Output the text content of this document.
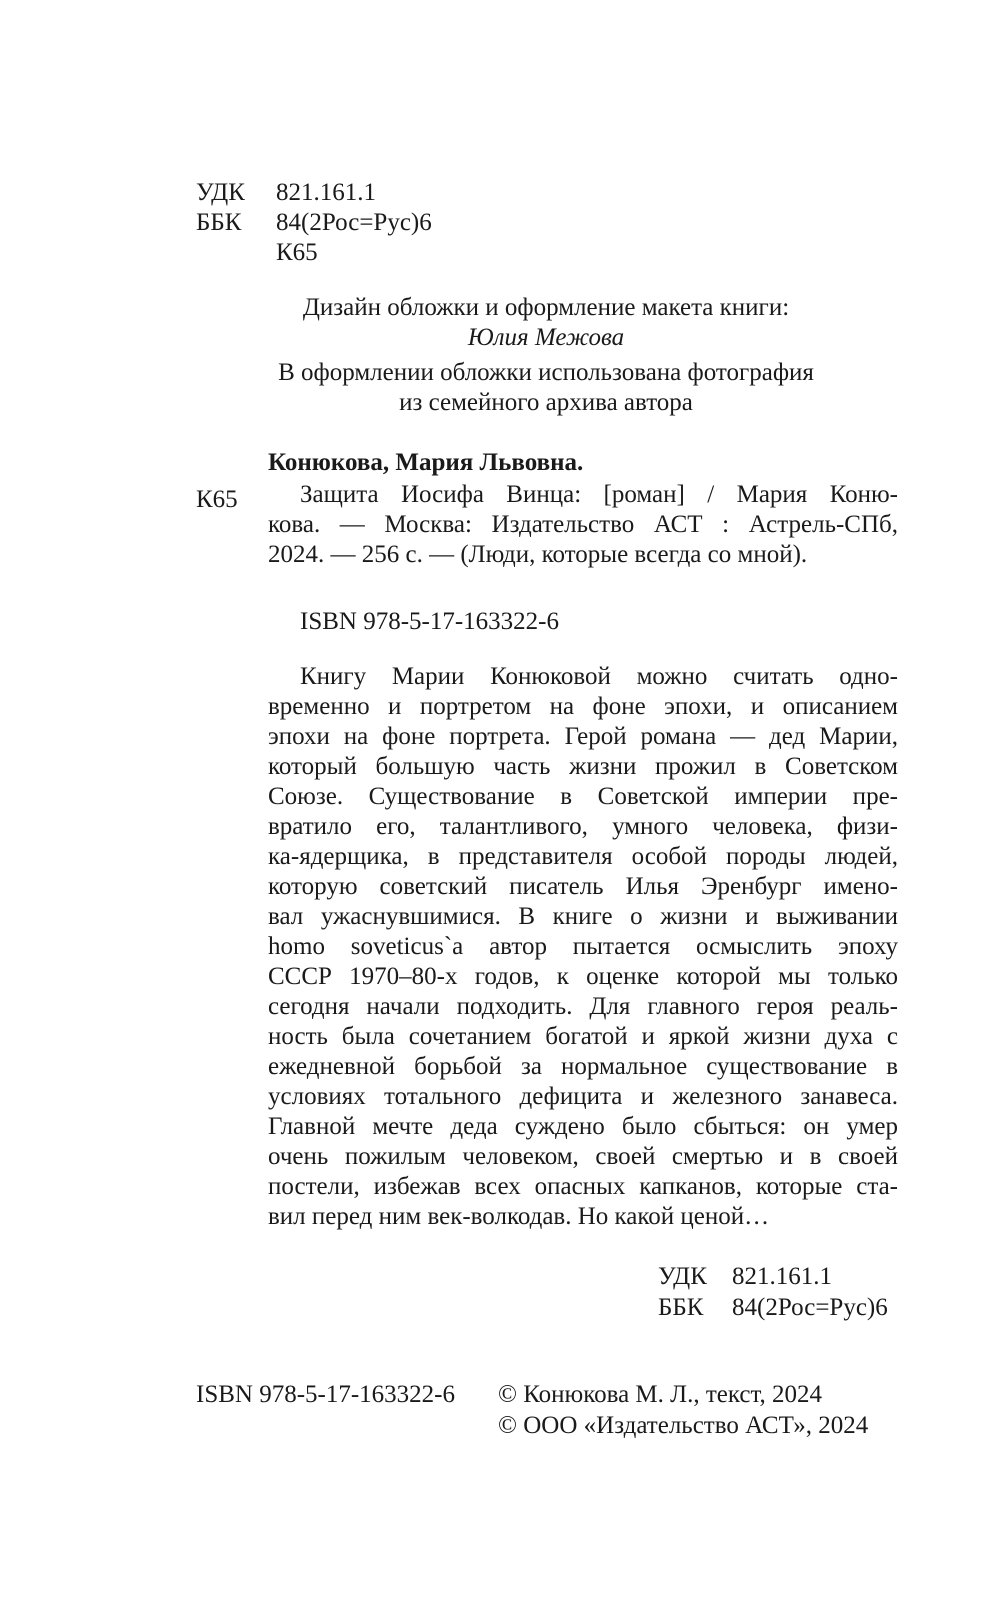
УДК 821.161.1
ББК 84(2Рос=Рус)6
К65
Дизайн обложки и оформление макета книги:
Юлия Межова
В оформлении обложки использована фотография
из семейного архива автора
Конюкова, Мария Львовна.
К65	Защита Иосифа Винца: [роман] / Мария Коню-
кова. — Москва: Издательство АСТ : Астрель-СПб,
2024. — 256 с. — (Люди, которые всегда со мной).
ISBN 978-5-17-163322-6
Книгу Марии Конюковой можно считать одно-
временно и портретом на фоне эпохи, и описанием
эпохи на фоне портрета. Герой романа — дед Марии,
который большую часть жизни прожил в Советском
Союзе. Существование в Советской империи пре-
вратило его, талантливого, умного человека, физи-
ка-ядерщика, в представителя особой породы людей,
которую советский писатель Илья Эренбург имено-
вал ужаснувшимися. В книге о жизни и выживании
homo soveticus`a автор пытается осмыслить эпоху
СССР 1970–80-х годов, к оценке которой мы только
сегодня начали подходить. Для главного героя реаль-
ность была сочетанием богатой и яркой жизни духа с
ежедневной борьбой за нормальное существование в
условиях тотального дефицита и железного занавеса.
Главной мечте деда суждено было сбыться: он умер
очень пожилым человеком, своей смертью и в своей
постели, избежав всех опасных капканов, которые ста-
вил перед ним век-волкодав. Но какой ценой…
УДК 821.161.1
ББК 84(2Рос=Рус)6
ISBN 978-5-17-163322-6 © Конюкова М. Л., текст, 2024
© ООО «Издательство АСТ», 2024
